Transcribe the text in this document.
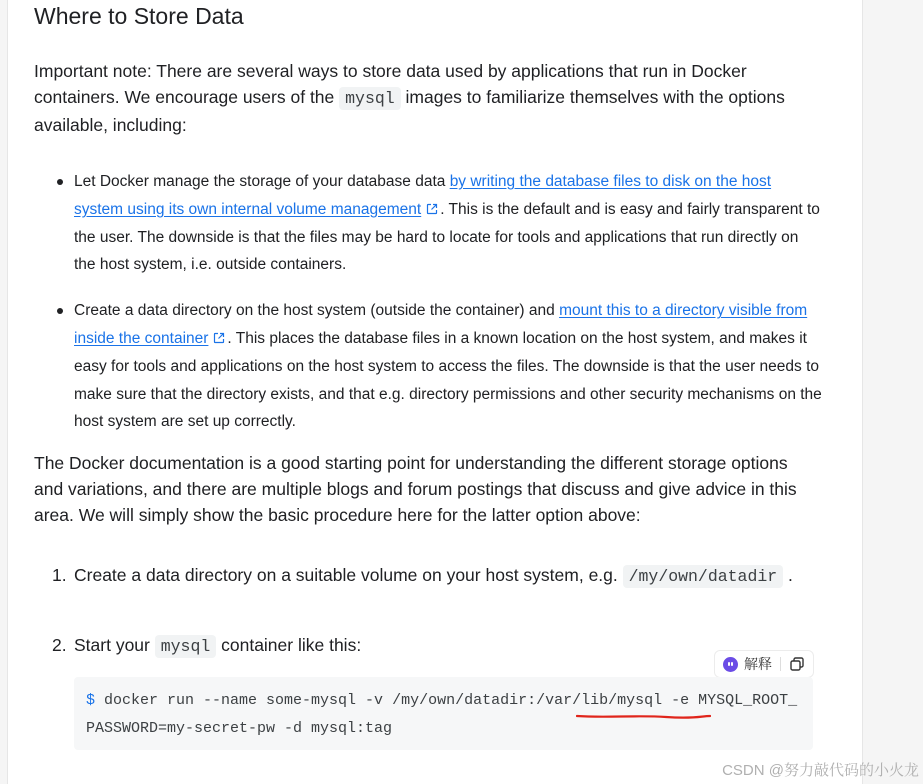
Where to Store Data

Important note: There are several ways to store data used by applications that run in Docker containers. We encourage users of the mysql images to familiarize themselves with the options available, including:

Let Docker manage the storage of your database data by writing the database files to disk on the host system using its own internal volume management . This is the default and is easy and fairly transparent to the user. The downside is that the files may be hard to locate for tools and applications that run directly on the host system, i.e. outside containers.
Create a data directory on the host system (outside the container) and mount this to a directory visible from inside the container . This places the database files in a known location on the host system, and makes it easy for tools and applications on the host system to access the files. The downside is that the user needs to make sure that the directory exists, and that e.g. directory permissions and other security mechanisms on the host system are set up correctly.

The Docker documentation is a good starting point for understanding the different storage options and variations, and there are multiple blogs and forum postings that discuss and give advice in this area. We will simply show the basic procedure here for the latter option above:

1. Create a data directory on a suitable volume on your host system, e.g. /my/own/datadir .
2. Start your mysql container like this:
解释
$ docker run --name some-mysql -v /my/own/datadir:/var/lib/mysql -e MYSQL_ROOT_PASSWORD=my-secret-pw -d mysql:tag
CSDN @努力敲代码的小火龙
